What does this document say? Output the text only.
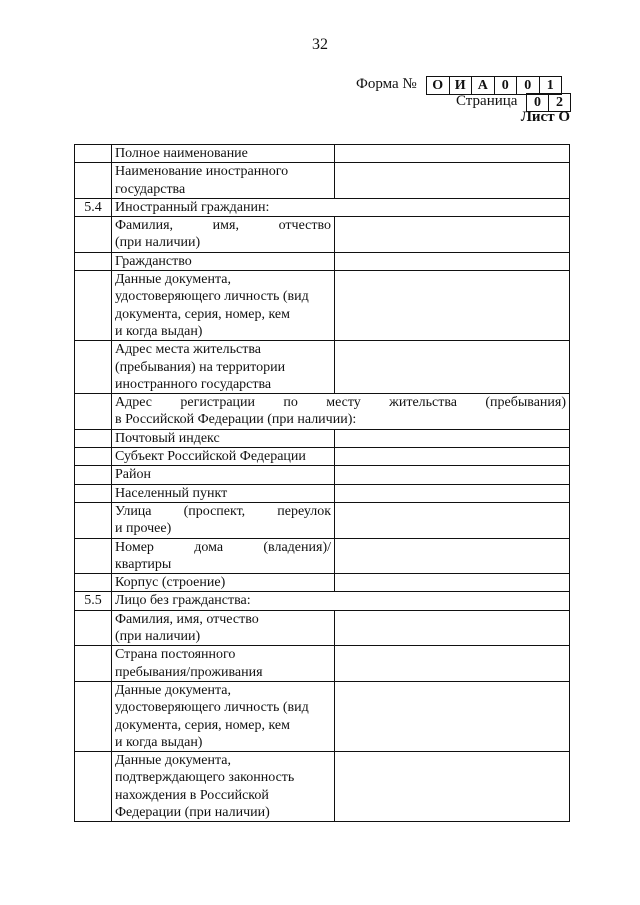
32
Форма №	О И А 0	0	1
Страница	0	2
Лист О
	Полное наименование	
	Наименование иностранного государства	
5.4	Иностранный гражданин:	

	Фамилия, имя, отчество
(при наличии)	

	Гражданство	

	Данные документа,
удостоверяющего личность (вид
документа, серия, номер, кем
и когда выдан)	

	Адрес места жительства
(пребывания) на территории
иностранного государства	

	Адрес регистрации по месту жительства (пребывания)
в Российской Федерации (при наличии):	

	Почтовый индекс	
	Субъект Российской Федерации	
	Район	
	Населенный пункт	

	Улица (проспект, переулок
и прочее)	

	Номер дома (владения)/
квартиры	

	Корпус (строение)	
5.5	Лицо без гражданства:	

	Фамилия, имя, отчество
(при наличии)	

	Страна постоянного
пребывания/проживания	

	Данные документа,
удостоверяющего личность (вид
документа, серия, номер, кем
и когда выдан)	

	Данные документа,
подтверждающего законность
нахождения в Российской
Федерации (при наличии)	
